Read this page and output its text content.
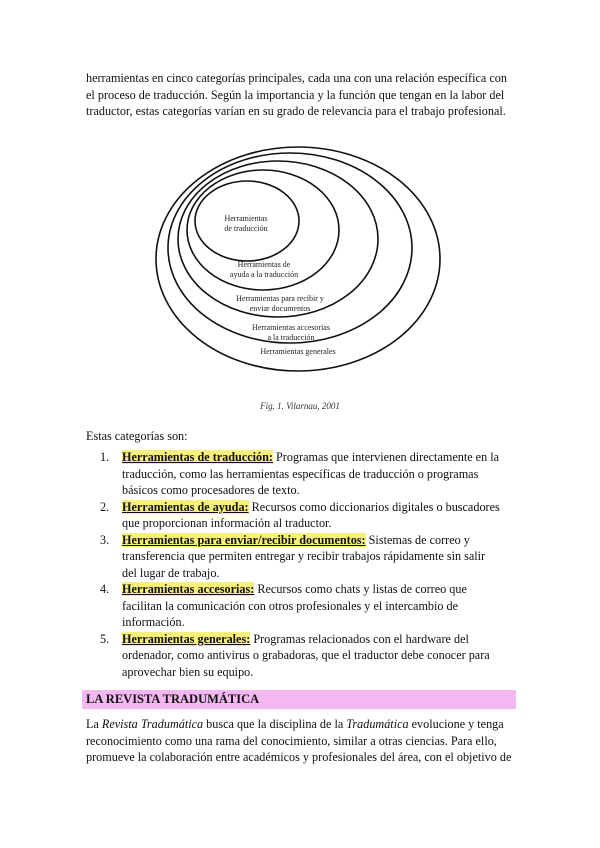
herramientas en cinco categorías principales, cada una con una relación específica con el proceso de traducción. Según la importancia y la función que tengan en la labor del traductor, estas categorías varían en su grado de relevancia para el trabajo profesional.

Herramientas
de traducción
Herramientas de
ayuda a la traducción
Herramientas para recibir y
enviar documentos
Herramientas accesorias
a la traducción
Herramientas generales
Fig. 1. Vilarnau, 2001

Estas categorías son:

1. Herramientas de traducción: Programas que intervienen directamente en la traducción, como las herramientas específicas de traducción o programas básicos como procesadores de texto.
2. Herramientas de ayuda: Recursos como diccionarios digitales o buscadores que proporcionan información al traductor.
3. Herramientas para enviar/recibir documentos: Sistemas de correo y transferencia que permiten entregar y recibir trabajos rápidamente sin salir del lugar de trabajo.
4. Herramientas accesorias: Recursos como chats y listas de correo que facilitan la comunicación con otros profesionales y el intercambio de información.
5. Herramientas generales: Programas relacionados con el hardware del ordenador, como antivirus o grabadoras, que el traductor debe conocer para aprovechar bien su equipo.
LA REVISTA TRADUMÁTICA

La Revista Tradumática busca que la disciplina de la Tradumática evolucione y tenga reconocimiento como una rama del conocimiento, similar a otras ciencias. Para ello, promueve la colaboración entre académicos y profesionales del área, con el objetivo de
